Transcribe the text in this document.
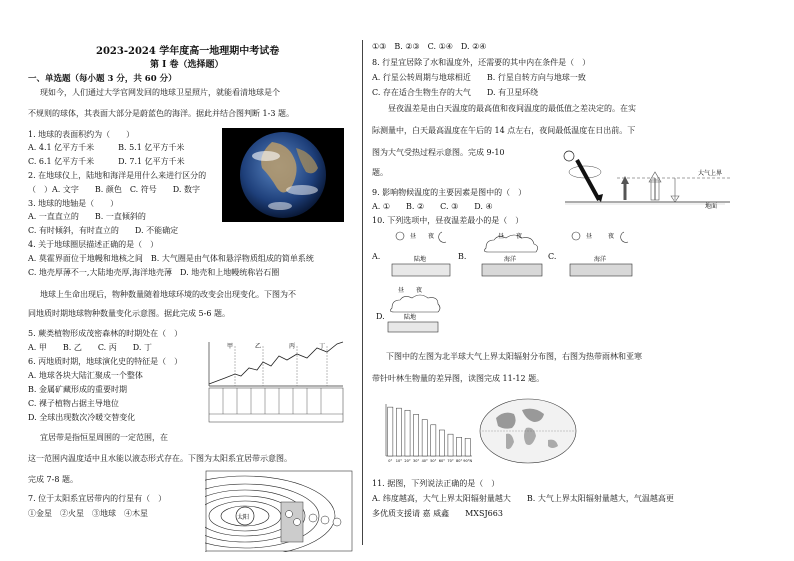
2023-2024 学年度高一地理期中考试卷
第 I 卷（选择题）
一、单选题（每小题 3 分，共 60 分）
现如今，人们通过大学官网发回的地球卫星照片，就能看清地球是个
不规则的球体，其表面大部分是蔚蓝色的海洋。据此并结合图判断 1-3 题。
1. 地球的表面积约为（　　）
A. 4.1 亿平方千米　　　B. 5.1 亿平方千米
C. 6.1 亿平方千米　　　D. 7.1 亿平方千米
2. 在地球仪上，陆地和海洋是用什么来进行区分的
（　）A. 文字　　B. 颜色　C. 符号　　D. 数字
3. 地球的地轴是（　　）
A. 一直直立的　　B. 一直倾斜的
C. 有时倾斜，有时直立的　　D. 不能确定
4. 关于地球圈层描述正确的是（　）
A. 莫霍界面位于地幔和地核之间　B. 大气圈是由气体和悬浮物质组成的简单系统
C. 地壳厚薄不一,大陆地壳厚,海洋地壳薄　D. 地壳和上地幔统称岩石圈
地球上生命出现后，物种数量随着地球环境的改变会出现变化。下图为不
同地质时期地球物种数量变化示意图。据此完成 5-6 题。
5. 蕨类植物形成茂密森林的时期处在（　）
A. 甲　　B. 乙　　C. 丙　　D. 丁
6. 丙地质时期，地球演化史的特征是（　）
A. 地球各块大陆汇聚成一个整体
B. 金属矿藏形成的重要时期
C. 裸子植物占据主导地位
D. 全球出现数次冷暖交替变化
甲	乙	丙	丁
宜居带是指恒星周围的一定范围，在
这一范围内温度适中且水能以液态形式存在。下图为太阳系宜居带示意图。
完成 7-8 题。
7. 位于太阳系宜居带内的行星有（　）
①金星　②火星　③地球　④木星	太阳
①③　B. ②③　C. ①④　D. ②④
8. 行星宜居除了水和温度外，还需要的其中内在条件是（　）
A. 行星公转周期与地球相近　　B. 行星自转方向与地球一致
C. 存在适合生物生存的大气　　D. 有卫星环绕
昼夜温差是由白天温度的最高值和夜间温度的最低值之差决定的。在实
际测量中，白天最高温度在午后的 14 点左右，夜间最低温度在日出前。下
图为大气受热过程示意图。完成 9-10
题。
9. 影响物候温度的主要因素是图中的（　）
A. ①　　B. ②　　C. ③　　D. ④
10. 下列选项中，昼夜温差最小的是（　）
大气上界
地面
A.	B.	C.
昼 夜
陆地
昼 夜
海洋
昼	夜
海洋
D.
昼 夜
陆地
下图中的左图为北半球大气上界太阳辐射分布图，右图为热带雨林和亚寒
带针叶林生物量的差异图，读图完成 11-12 题。
0° 10° 20° 30° 40° 50° 60° 70° 80° 90°N
11. 据图，下列说法正确的是（　）
A. 纬度越高，大气上界太阳辐射量越大　　B. 大气上界太阳辐射量越大，气温越高更
多优质支援请 嘉 威鑫　　MXSJ663
